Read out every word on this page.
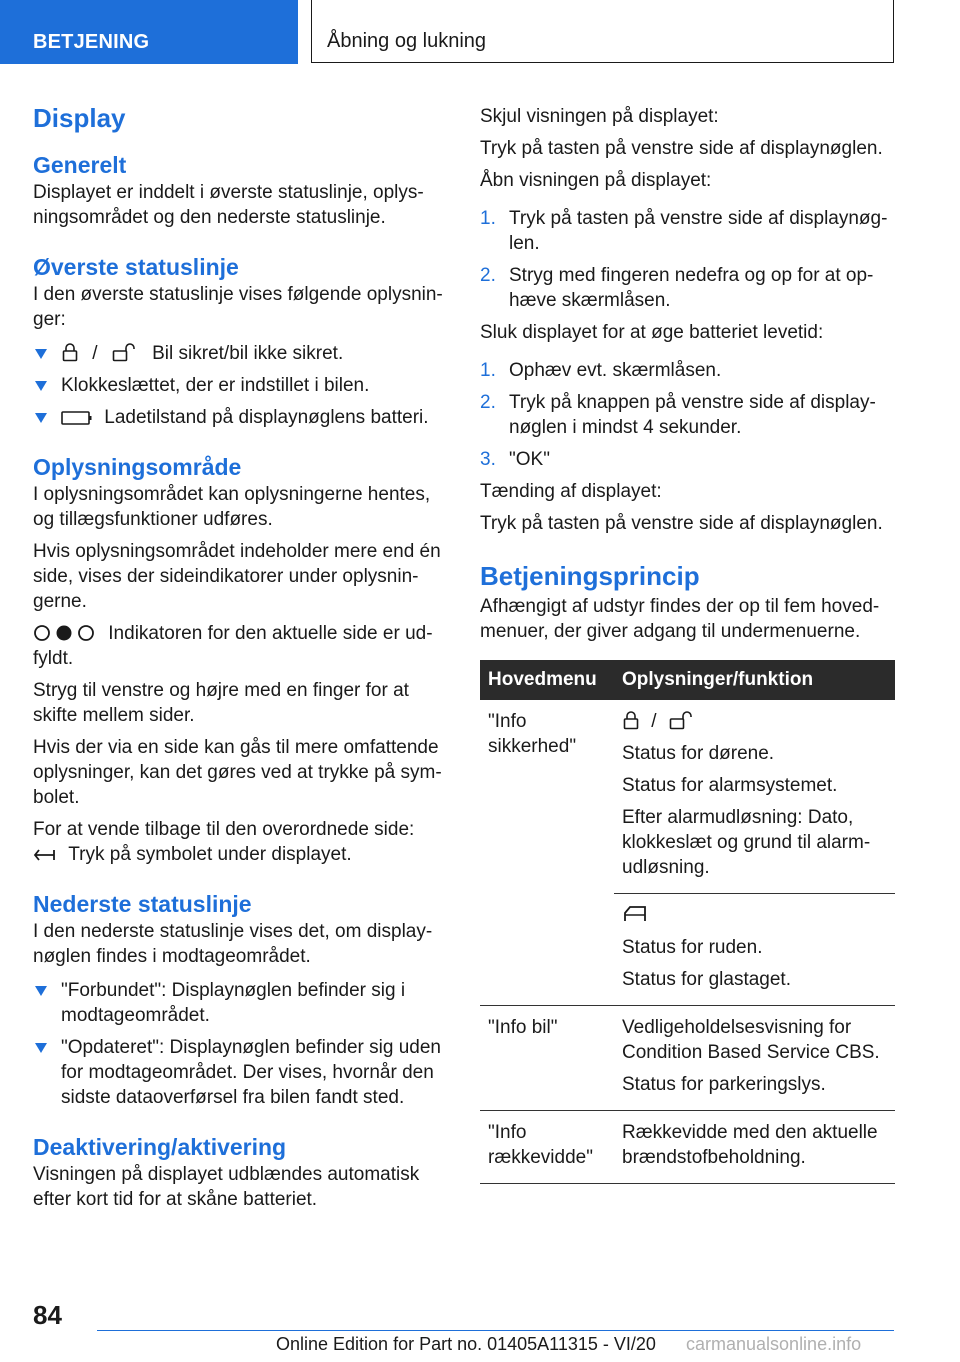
BETJENING	Åbning og lukning
Display
Generelt

Displayet er inddelt i øverste statuslinje, oplys-ningsområdet og den nederste statuslinje.

Øverste statuslinje

I den øverste statuslinje vises følgende oplysnin-ger:

/	Bil sikret/bil ikke sikret.
Klokkeslættet, der er indstillet i bilen.
Ladetilstand på displaynøglens batteri.
Oplysningsområde

I oplysningsområdet kan oplysningerne hentes, og tillægsfunktioner udføres.

Hvis oplysningsområdet indeholder mere end én side, vises der sideindikatorer under oplysnin-gerne.

Indikatoren for den aktuelle side er ud-fyldt.

Stryg til venstre og højre med en finger for at skifte mellem sider.

Hvis der via en side kan gås til mere omfattende oplysninger, kan det gøres ved at trykke på sym-bolet.

For at vende tilbage til den overordnede side:

Tryk på symbolet under displayet.

Nederste statuslinje

I den nederste statuslinje vises det, om display-nøglen findes i modtageområdet.

"Forbundet": Displaynøglen befinder sig i modtageområdet.
"Opdateret": Displaynøglen befinder sig uden for modtageområdet. Der vises, hvornår den sidste dataoverførsel fra bilen fandt sted.
Deaktivering/aktivering

Visningen på displayet udblændes automatisk efter kort tid for at skåne batteriet.

Skjul visningen på displayet:

Tryk på tasten på venstre side af displaynøglen.

Åbn visningen på displayet:

1. Tryk på tasten på venstre side af displaynøg-len.
2. Stryg med fingeren nedefra og op for at op-hæve skærmlåsen.

Sluk displayet for at øge batteriet levetid:

1. Ophæv evt. skærmlåsen.
2. Tryk på knappen på venstre side af display-nøglen i mindst 4 sekunder.
3. "OK"

Tænding af displayet:

Tryk på tasten på venstre side af displaynøglen.

Betjeningsprincip

Afhængigt af udstyr findes der op til fem hoved-menuer, der giver adgang til undermenuerne.

Hovedmenu	Oplysninger/funktion
"Info sikkerhed"	/

Status for dørene.

Status for alarmsystemet.

Efter alarmudløsning: Dato, klokkeslæt og grund til alarm-udløsning.

	Status for ruden.

Status for glastaget.

"Info bil"	Vedligeholdelsesvisning for Condition Based Service CBS.

Status for parkeringslys.

"Info rækkevidde"	Rækkevidde med den aktuelle brændstofbeholdning.

84
Online Edition for Part no. 01405A11315 - VI/20 carmanualsonline.info
